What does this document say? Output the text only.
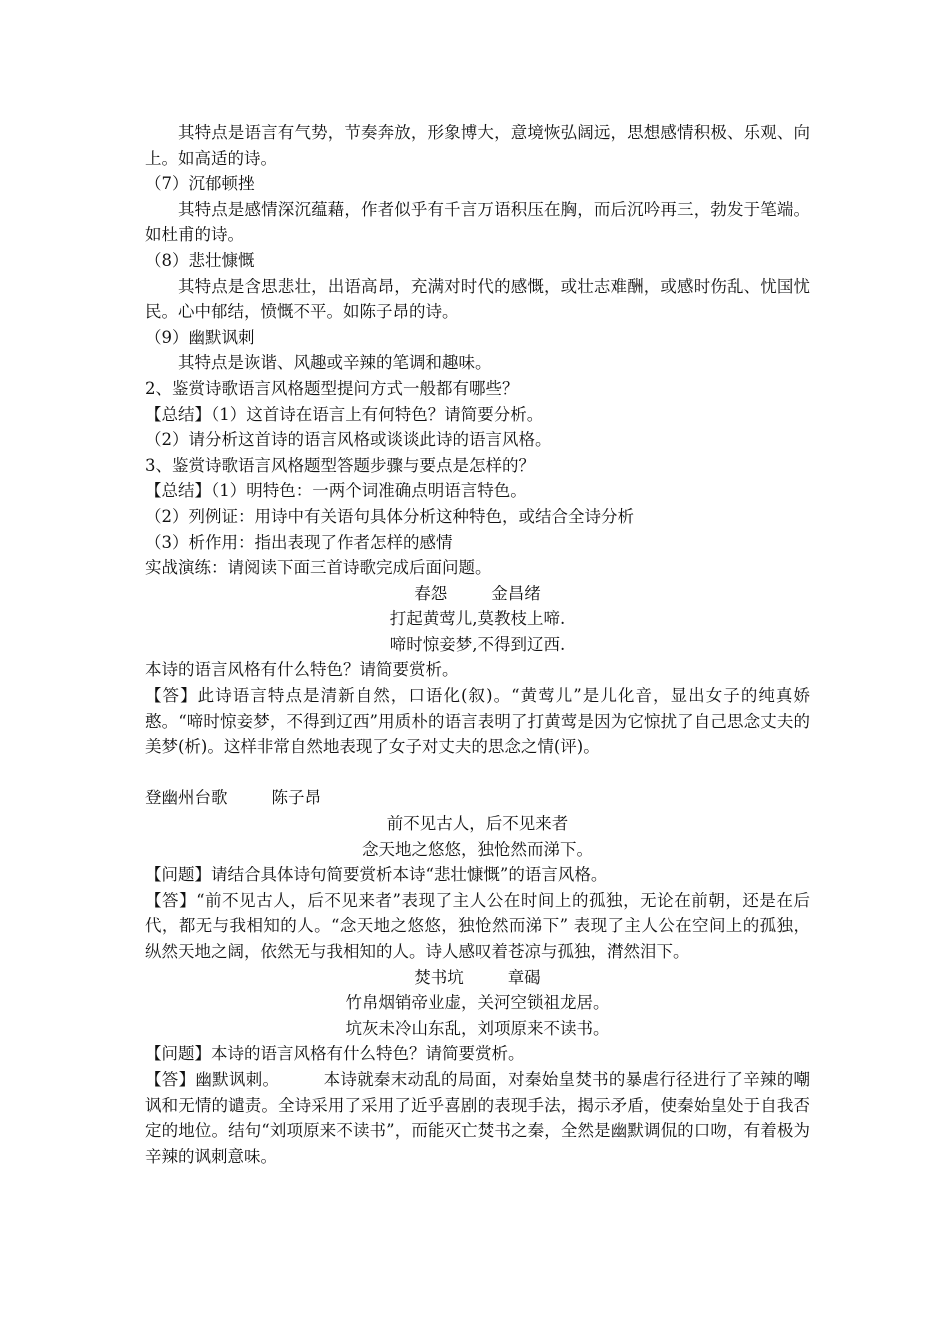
其特点是语言有气势，节奏奔放，形象博大，意境恢弘阔远，思想感情积极、乐观、向上。如高适的诗。

（7）沉郁顿挫

其特点是感情深沉蕴藉，作者似乎有千言万语积压在胸，而后沉吟再三，勃发于笔端。如杜甫的诗。

（8）悲壮慷慨

其特点是含思悲壮，出语高昂，充满对时代的感慨，或壮志难酬，或感时伤乱、忧国忧民。心中郁结，愤慨不平。如陈子昂的诗。

（9）幽默讽刺

其特点是诙谐、风趣或辛辣的笔调和趣味。

2、鉴赏诗歌语言风格题型提问方式一般都有哪些？

【总结】（1）这首诗在语言上有何特色？请简要分析。

（2）请分析这首诗的语言风格或谈谈此诗的语言风格。

3、鉴赏诗歌语言风格题型答题步骤与要点是怎样的？

【总结】（1）明特色：一两个词准确点明语言特色。

（2）列例证：用诗中有关语句具体分析这种特色，或结合全诗分析

（3）析作用：指出表现了作者怎样的感情

实战演练：请阅读下面三首诗歌完成后面问题。

春怨	金昌绪

打起黄莺儿,莫教枝上啼.

啼时惊妾梦,不得到辽西.

本诗的语言风格有什么特色？请简要赏析。

【答】此诗语言特点是清新自然，口语化(叙)。“黄莺儿”是儿化音，显出女子的纯真娇憨。“啼时惊妾梦，不得到辽西”用质朴的语言表明了打黄莺是因为它惊扰了自己思念丈夫的美梦(析)。这样非常自然地表现了女子对丈夫的思念之情(评)。

登幽州台歌	陈子昂

前不见古人，后不见来者

念天地之悠悠，独怆然而涕下。

【问题】请结合具体诗句简要赏析本诗“悲壮慷慨”的语言风格。

【答】“前不见古人，后不见来者”表现了主人公在时间上的孤独，无论在前朝，还是在后代，都无与我相知的人。“念天地之悠悠，独怆然而涕下” 表现了主人公在空间上的孤独，纵然天地之阔，依然无与我相知的人。诗人感叹着苍凉与孤独，潸然泪下。

焚书坑	章碣

竹帛烟销帝业虚，关河空锁祖龙居。

坑灰未冷山东乱，刘项原来不读书。

【问题】本诗的语言风格有什么特色？请简要赏析。

【答】幽默讽刺。	本诗就秦末动乱的局面，对秦始皇焚书的暴虐行径进行了辛辣的嘲讽和无情的谴责。全诗采用了采用了近乎喜剧的表现手法，揭示矛盾，使秦始皇处于自我否定的地位。结句“刘项原来不读书”，而能灭亡焚书之秦，全然是幽默调侃的口吻，有着极为辛辣的讽刺意味。
